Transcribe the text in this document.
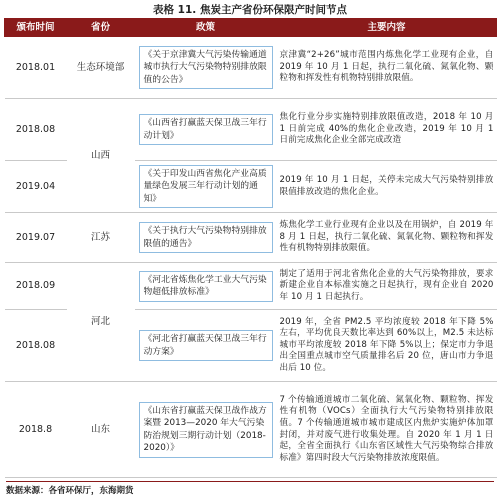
表格 11. 焦炭主产省份环保限产时间节点
颁布时间	省份	政策	主要内容
2018.01	生态环境部	《关于京津冀大气污染传输通道城市执行大气污染物特别排放限值的公告》	京津冀“2+26”城市范围内炼焦化学工业现有企业，自 2019 年 10 月 1 日起，执行二氧化硫、氮氧化物、颗粒物和挥发性有机物特别排放限值。
2018.08	山西	《山西省打赢蓝天保卫战三年行动计划》	焦化行业分步实施特别排放限值改造，2018 年 10 月 1 日前完成 40%的焦化企业改造，2019 年 10 月 1 日前完成焦化企业全部完成改造
2019.04		《关于印发山西省焦化产业高质量绿色发展三年行动计划的通知》	2019 年 10 月 1 日起，关停未完成大气污染特别排放限值排放改造的焦化企业。
2019.07	江苏	《关于执行大气污染物特别排放限值的通告》	炼焦化学工业行业现有企业以及在用锅炉，自 2019 年 8 月 1 日起，执行二氧化硫、氮氧化物、颗粒物和挥发性有机物特别排放限值。
2018.09	河北	《河北省炼焦化学工业大气污染物超低排放标准》	制定了适用于河北省焦化企业的大气污染物排放，要求新建企业自本标准实施之日起执行，现有企业自 2020 年 10 月 1 日起执行。
2018.08		《河北省打赢蓝天保卫战三年行动方案》	2019 年，全省 PM2.5 平均浓度较 2018 年下降 5%左右，平均优良天数比率达到 60%以上，M2.5 未达标城市平均浓度较 2018 年下降 5%以上；保定市力争退出全国重点城市空气质量排名后 20 位，唐山市力争退出后 10 位。
2018.8	山东	《山东省打赢蓝天保卫战作战方案暨 2013—2020 年大气污染防治规划三期行动计划（2018-2020）》	7 个传输通道城市二氧化硫、氮氧化物、颗粒物、挥发性有机物（VOCs）全面执行大气污染物特别排放限值。7 个传输通道城市城市建成区内焦炉实施炉体加罩封闭，并对废气进行收集处理。自 2020 年 1 月 1 日起，全省全面执行《山东省区域性大气污染物综合排放标准》第四时段大气污染物排放浓度限值。
数据来源：各省环保厅，东海期货
